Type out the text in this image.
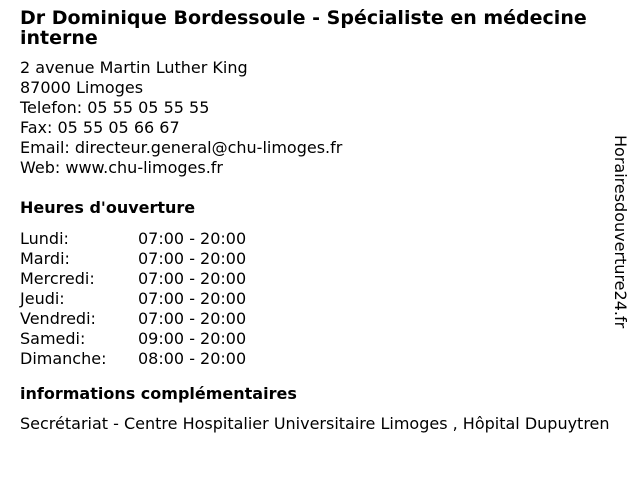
Dr Dominique Bordessoule - Spécialiste en médecine
interne
2 avenue Martin Luther King
87000 Limoges
Telefon: 05 55 05 55 55
Fax: 05 55 05 66 67
Email: directeur.general@chu-limoges.fr
Web: www.chu-limoges.fr
Heures d'ouverture
Lundi:	07:00 - 20:00
Mardi:	07:00 - 20:00
Mercredi:	07:00 - 20:00
Jeudi:	07:00 - 20:00
Vendredi:	07:00 - 20:00
Samedi:	09:00 - 20:00
Dimanche:	08:00 - 20:00
informations complémentaires
Secrétariat - Centre Hospitalier Universitaire Limoges , Hôpital Dupuytren
Horairesdouverture24.fr
